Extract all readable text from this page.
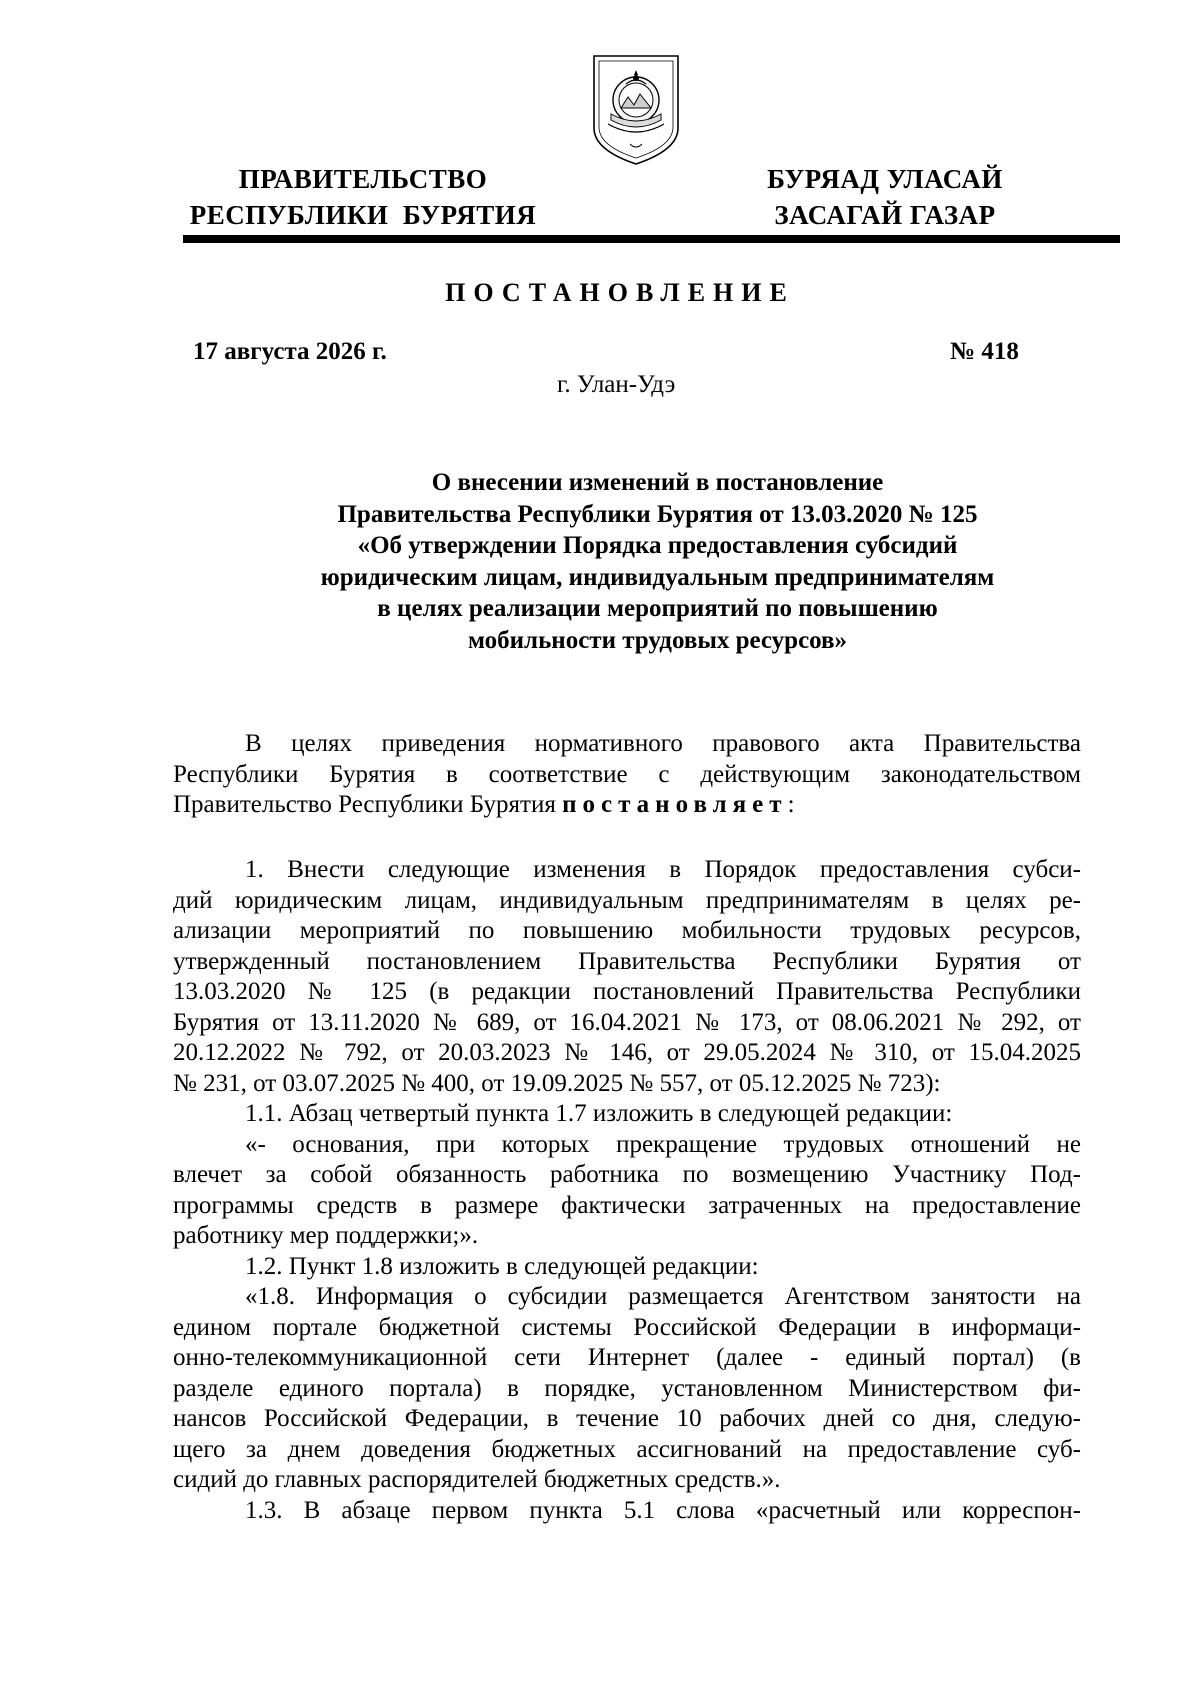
ПРАВИТЕЛЬСТВО
РЕСПУБЛИКИ  БУРЯТИЯ
БУРЯАД УЛАСАЙ
ЗАСАГАЙ ГАЗАР
ПОСТАНОВЛЕНИЕ
17 августа 2026 г.	№ 418
г. Улан-Удэ
О внесении изменений в постановление
Правительства Республики Бурятия от 13.03.2020 № 125
«Об утверждении Порядка предоставления субсидий
юридическим лицам, индивидуальным предпринимателям
в целях реализации мероприятий по повышению
мобильности трудовых ресурсов»
В целях приведения нормативного правового акта Правительства
Республики Бурятия в соответствие с действующим законодательством
Правительство Республики Бурятия постановляет:
1. Внести следующие изменения в Порядок предоставления субси-
дий юридическим лицам, индивидуальным предпринимателям в целях ре-
ализации мероприятий по повышению мобильности трудовых ресурсов,
утвержденный постановлением Правительства Республики Бурятия от
13.03.2020 № 125 (в редакции постановлений Правительства Республики
Бурятия от 13.11.2020 № 689, от 16.04.2021 № 173, от 08.06.2021 № 292, от
20.12.2022 № 792, от 20.03.2023 № 146, от 29.05.2024 № 310, от 15.04.2025
№ 231, от 03.07.2025 № 400, от 19.09.2025 № 557, от 05.12.2025 № 723):
1.1. Абзац четвертый пункта 1.7 изложить в следующей редакции:
«- основания, при которых прекращение трудовых отношений не
влечет за собой обязанность работника по возмещению Участнику Под-
программы средств в размере фактически затраченных на предоставление
работнику мер поддержки;».
1.2. Пункт 1.8 изложить в следующей редакции:
«1.8. Информация о субсидии размещается Агентством занятости на
едином портале бюджетной системы Российской Федерации в информаци-
онно-телекоммуникационной сети Интернет (далее - единый портал) (в
разделе единого портала) в порядке, установленном Министерством фи-
нансов Российской Федерации, в течение 10 рабочих дней со дня, следую-
щего за днем доведения бюджетных ассигнований на предоставление суб-
сидий до главных распорядителей бюджетных средств.».
1.3. В абзаце первом пункта 5.1 слова «расчетный или корреспон-
